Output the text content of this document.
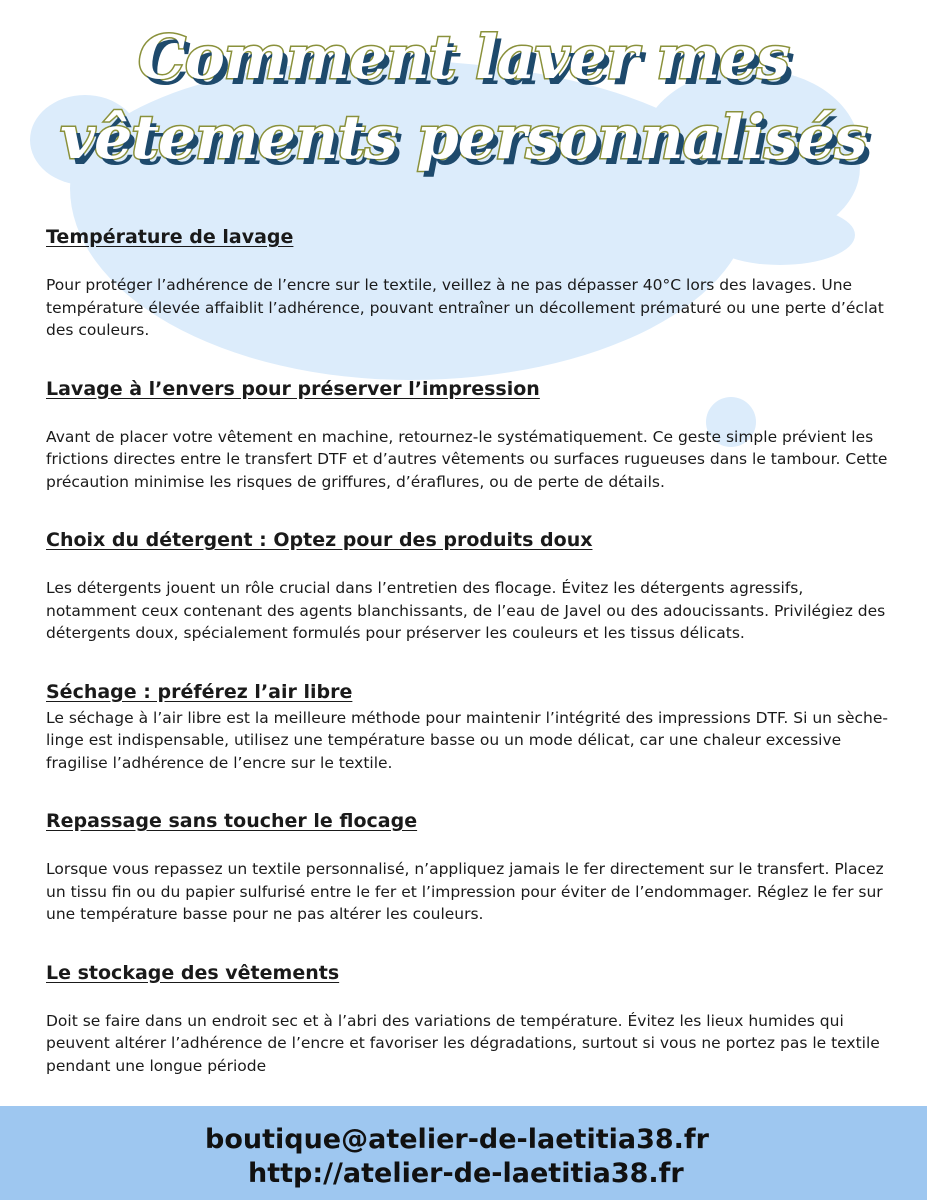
Comment laver mes vêtements personnalisés
Température de lavage

Pour protéger l’adhérence de l’encre sur le textile, veillez à ne pas dépasser 40°C lors des lavages. Une température élevée affaiblit l’adhérence, pouvant entraîner un décollement prématuré ou une perte d’éclat des couleurs.

Lavage à l’envers pour préserver l’impression

Avant de placer votre vêtement en machine, retournez-le systématiquement. Ce geste simple prévient les frictions directes entre le transfert DTF et d’autres vêtements ou surfaces rugueuses dans le tambour. Cette précaution minimise les risques de griffures, d’éraflures, ou de perte de détails.

Choix du détergent : Optez pour des produits doux

Les détergents jouent un rôle crucial dans l’entretien des flocage. Évitez les détergents agressifs, notamment ceux contenant des agents blanchissants, de l’eau de Javel ou des adoucissants. Privilégiez des détergents doux, spécialement formulés pour préserver les couleurs et les tissus délicats.

Séchage : préférez l’air libre

Le séchage à l’air libre est la meilleure méthode pour maintenir l’intégrité des impressions DTF. Si un sèche-linge est indispensable, utilisez une température basse ou un mode délicat, car une chaleur excessive fragilise l’adhérence de l’encre sur le textile.

Repassage sans toucher le flocage

Lorsque vous repassez un textile personnalisé, n’appliquez jamais le fer directement sur le transfert. Placez un tissu fin ou du papier sulfurisé entre le fer et l’impression pour éviter de l’endommager. Réglez le fer sur une température basse pour ne pas altérer les couleurs.

Le stockage des vêtements

Doit se faire dans un endroit sec et à l’abri des variations de température. Évitez les lieux humides qui peuvent altérer l’adhérence de l’encre et favoriser les dégradations, surtout si vous ne portez pas le textile pendant une longue période

boutique@atelier-de-laetitia38.fr
http://atelier-de-laetitia38.fr
